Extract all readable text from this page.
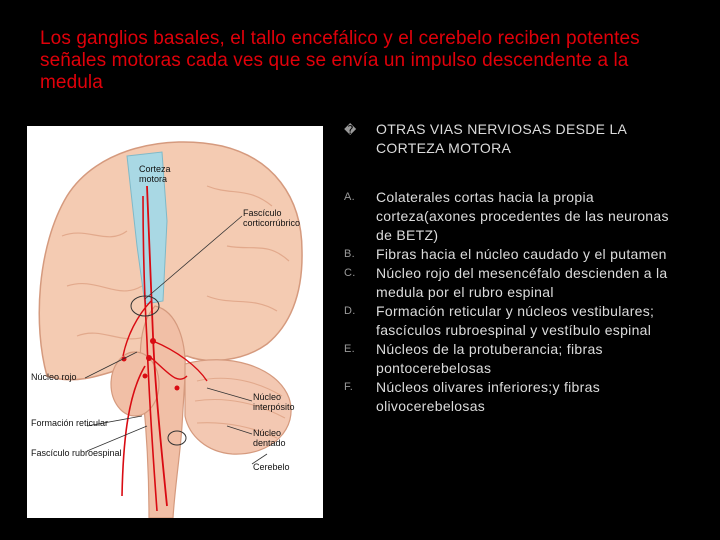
Los ganglios basales, el tallo encefálico y el cerebelo reciben potentes señales motoras cada ves que se envía un impulso descendente a la medula
Corteza motora
Fascículo corticorrúbrico
Núcleo rojo
Núcleo interpósito
Formación reticular
Núcleo dentado
Fascículo rubroespinal
Cerebelo
� OTRAS VIAS NERVIOSAS DESDE LA CORTEZA MOTORA
A. Colaterales cortas hacia la propia corteza(axones procedentes de las neuronas de BETZ)
B. Fibras hacia el núcleo caudado y el putamen
C. Núcleo rojo del mesencéfalo descienden a la medula por el rubro espinal
D. Formación reticular y núcleos vestibulares; fascículos rubroespinal y vestíbulo espinal
E. Núcleos de la protuberancia; fibras pontocerebelosas
F. Núcleos olivares inferiores;y fibras olivocerebelosas
